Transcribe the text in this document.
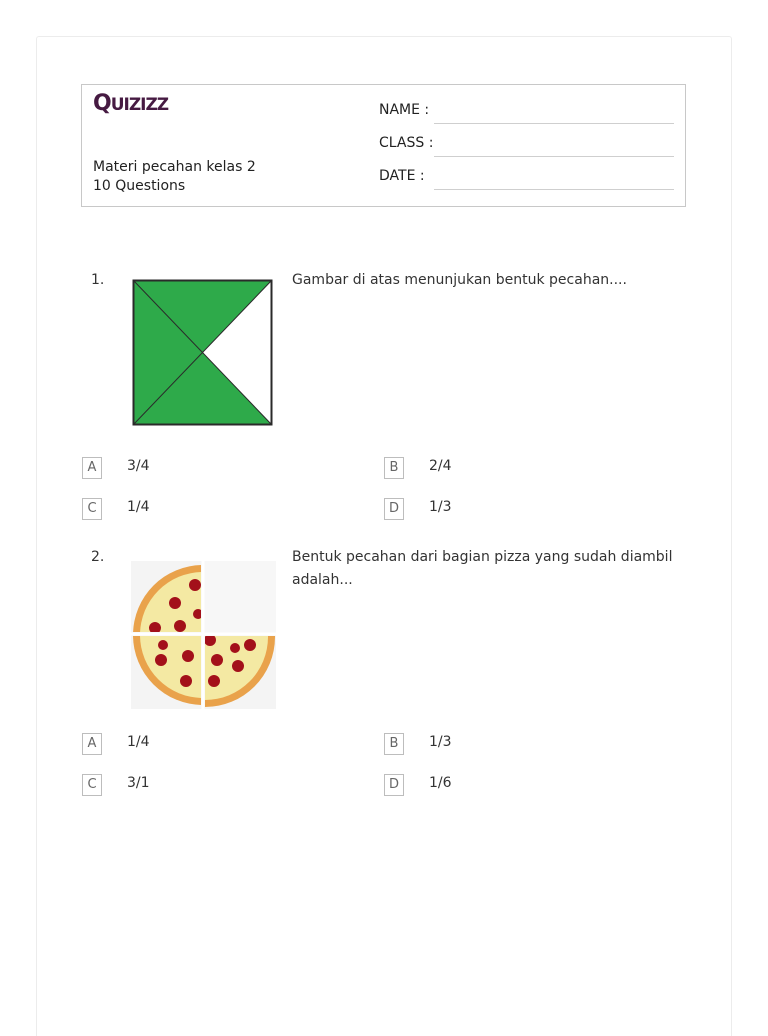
QUIZIZZ
Materi pecahan kelas 2
10 Questions
NAME :
CLASS :
DATE :
1.	Gambar di atas menunjukan bentuk pecahan....
A	3/4	B	2/4
C	1/4	D	1/3
2.	Bentuk pecahan dari bagian pizza yang sudah diambil adalah...
A	1/4	B	1/3
C	3/1	D	1/6
